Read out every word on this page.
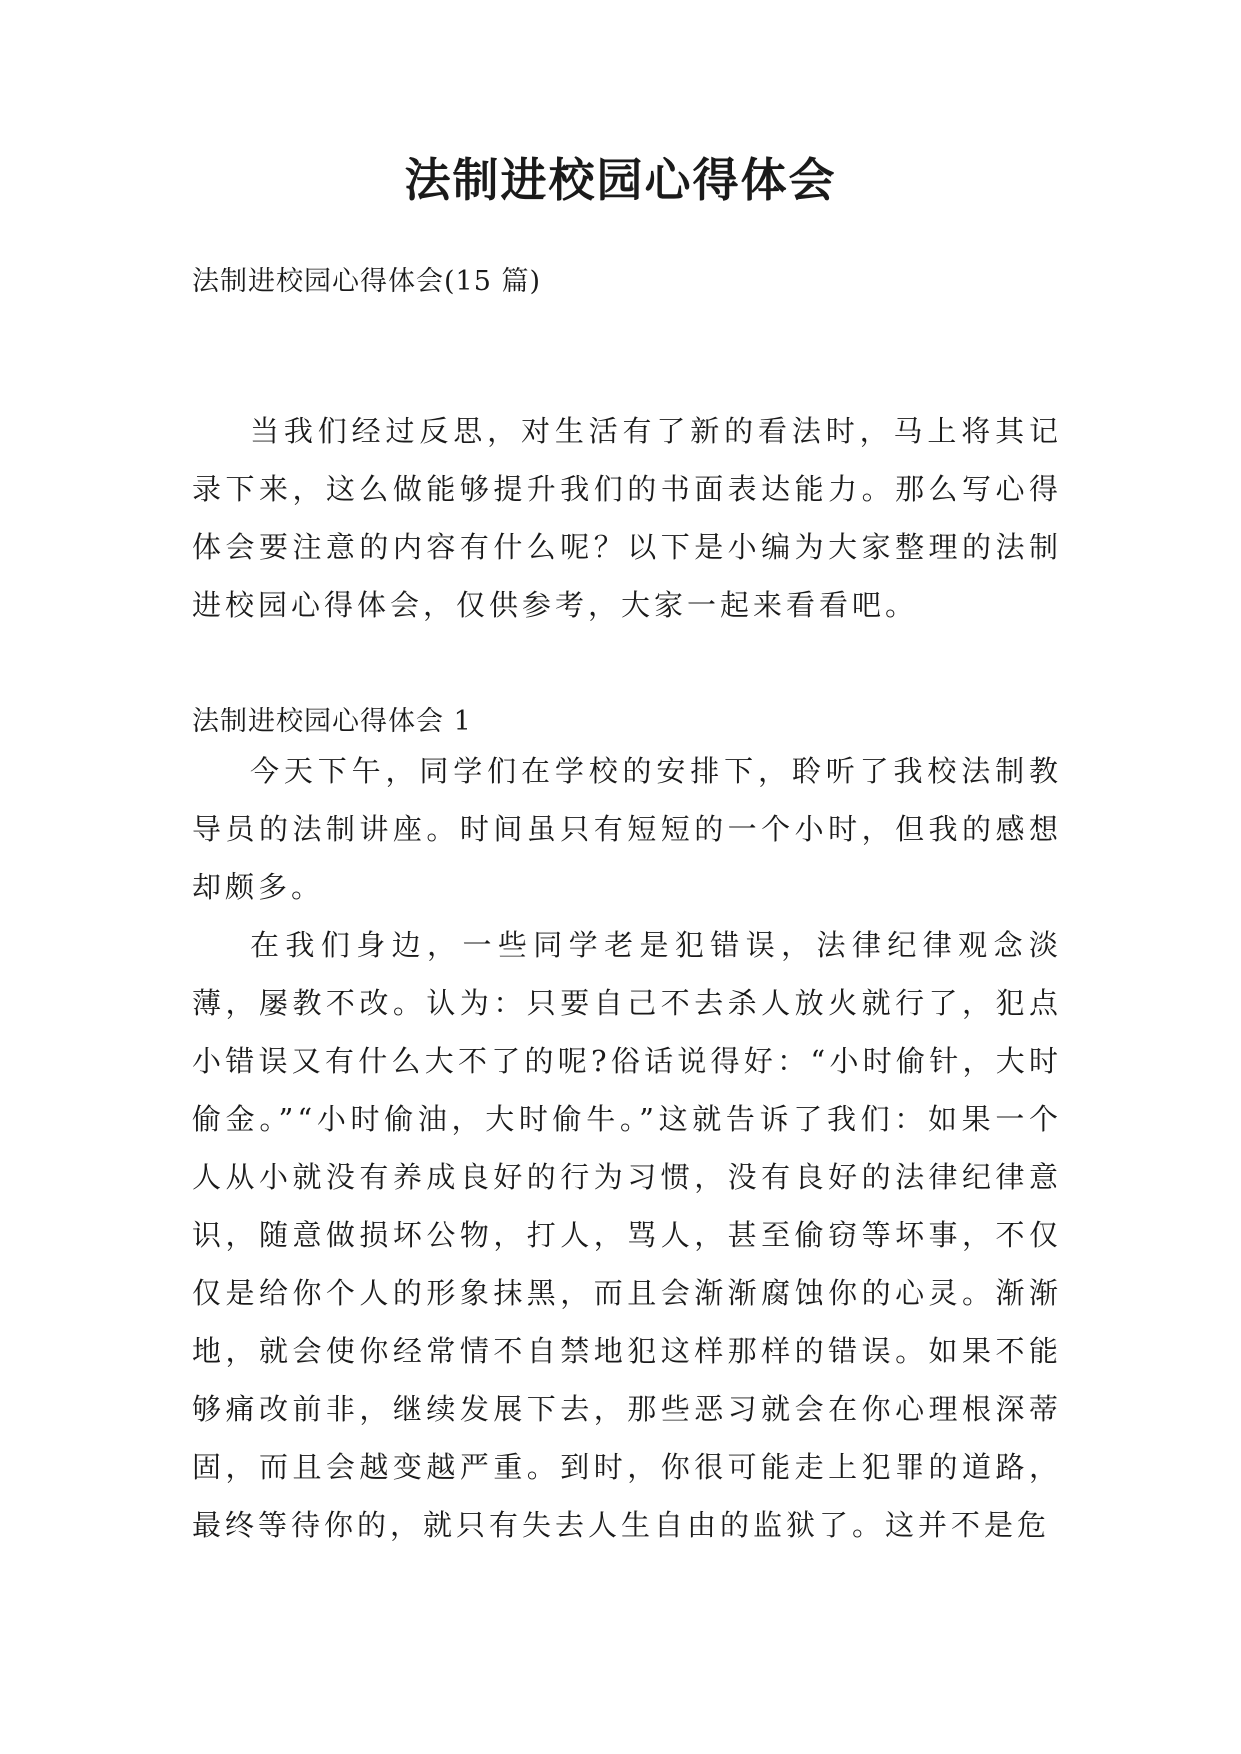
法制进校园心得体会
法制进校园心得体会(15 篇)

当我们经过反思，对生活有了新的看法时，马上将其记录下来，这么做能够提升我们的书面表达能力。那么写心得体会要注意的内容有什么呢？以下是小编为大家整理的法制进校园心得体会，仅供参考，大家一起来看看吧。

法制进校园心得体会 1

今天下午，同学们在学校的安排下，聆听了我校法制教导员的法制讲座。时间虽只有短短的一个小时，但我的感想却颇多。

在我们身边，一些同学老是犯错误，法律纪律观念淡薄，屡教不改。认为：只要自己不去杀人放火就行了，犯点小错误又有什么大不了的呢?俗话说得好：“小时偷针，大时偷金。”“小时偷油，大时偷牛。”这就告诉了我们：如果一个人从小就没有养成良好的行为习惯，没有良好的法律纪律意识，随意做损坏公物，打人，骂人，甚至偷窃等坏事，不仅仅是给你个人的形象抹黑，而且会渐渐腐蚀你的心灵。渐渐地，就会使你经常情不自禁地犯这样那样的错误。如果不能够痛改前非，继续发展下去，那些恶习就会在你心理根深蒂固，而且会越变越严重。到时，你很可能走上犯罪的道路，最终等待你的，就只有失去人生自由的监狱了。这并不是危
